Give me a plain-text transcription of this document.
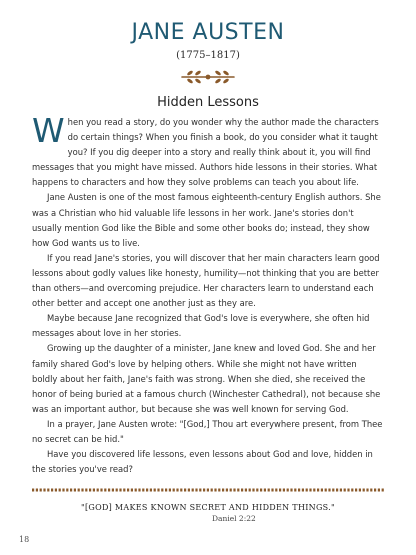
JANE AUSTEN
(1775–1817)
Hidden Lessons

When you read a story, do you wonder why the author made the characters do certain things? When you finish a book, do you consider what it taught you? If you dig deeper into a story and really think about it, you will find messages that you might have missed. Authors hide lessons in their stories. What happens to characters and how they solve problems can teach you about life.

Jane Austen is one of the most famous eighteenth-century English authors. She was a Christian who hid valuable life lessons in her work. Jane's stories don't usually mention God like the Bible and some other books do; instead, they show how God wants us to live.

If you read Jane's stories, you will discover that her main characters learn good lessons about godly values like honesty, humility—not thinking that you are better than others—and overcoming prejudice. Her characters learn to understand each other better and accept one another just as they are.

Maybe because Jane recognized that God's love is everywhere, she often hid messages about love in her stories.

Growing up the daughter of a minister, Jane knew and loved God. She and her family shared God's love by helping others. While she might not have written boldly about her faith, Jane's faith was strong. When she died, she received the honor of being buried at a famous church (Winchester Cathedral), not because she was an important author, but because she was well known for serving God.

In a prayer, Jane Austen wrote: "[God,] Thou art everywhere present, from Thee no secret can be hid."

Have you discovered life lessons, even lessons about God and love, hidden in the stories you've read?

"[GOD] MAKES KNOWN SECRET AND HIDDEN THINGS."
Daniel 2:22
18
